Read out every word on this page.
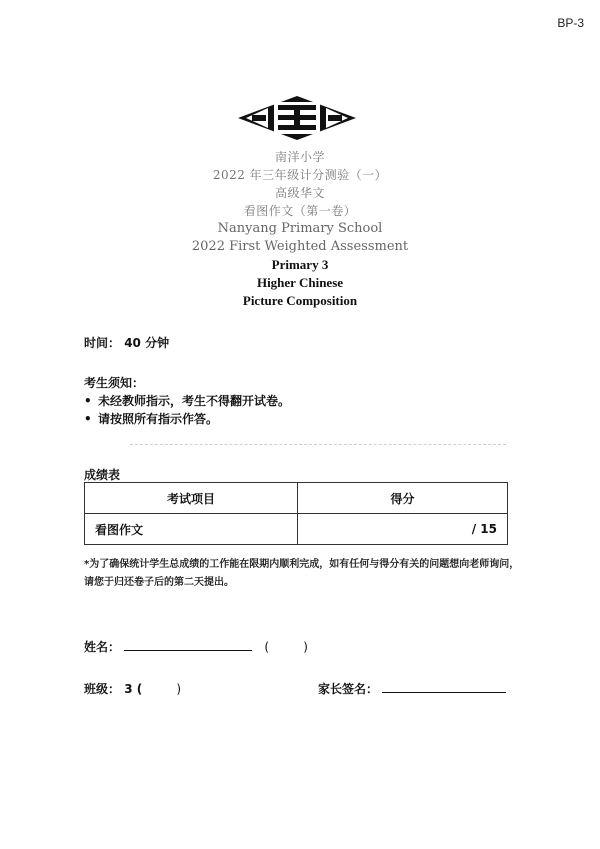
BP-3
南洋小学
2022 年三年级计分测验（一）
高级华文
看图作文（第一卷）
Nanyang Primary School
2022 First Weighted Assessment
Primary 3
Higher Chinese
Picture Composition
时间： 40 分钟
考生须知：
• 未经教师指示，考生不得翻开试卷。
• 请按照所有指示作答。
成绩表
考试项目	得分
看图作文	/ 15
*为了确保统计学生总成绩的工作能在限期内顺利完成，如有任何与得分有关的问题想向老师询问，请您于归还卷子后的第二天提出。
姓名：	(	)
班级： 3 (	)	家长签名：
